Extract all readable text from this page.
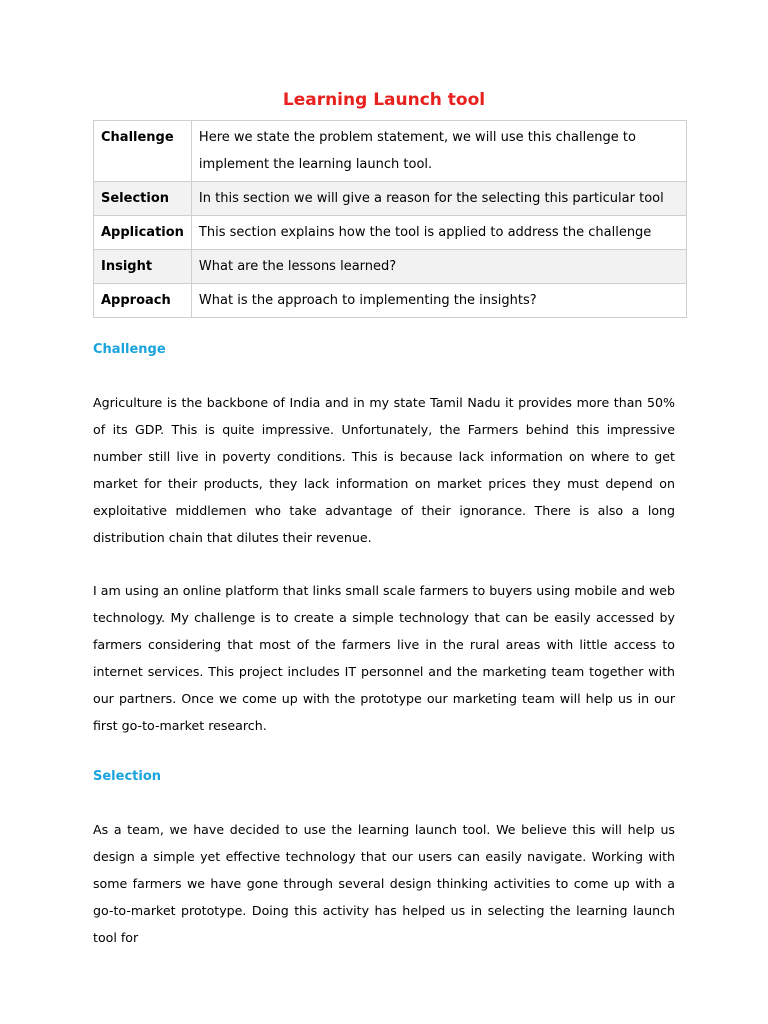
Learning Launch tool
Challenge	Here we state the problem statement, we will use this challenge to implement the learning launch tool.
Selection	In this section we will give a reason for the selecting this particular tool
Application	This section explains how the tool is applied to address the challenge
Insight	What are the lessons learned?
Approach	What is the approach to implementing the insights?
Challenge

Agriculture is the backbone of India and in my state Tamil Nadu it provides more than 50% of its GDP. This is quite impressive. Unfortunately, the Farmers behind this impressive number still live in poverty conditions. This is because lack information on where to get market for their products, they lack information on market prices they must depend on exploitative middlemen who take advantage of their ignorance. There is also a long distribution chain that dilutes their revenue.

I am using an online platform that links small scale farmers to buyers using mobile and web technology. My challenge is to create a simple technology that can be easily accessed by farmers considering that most of the farmers live in the rural areas with little access to internet services. This project includes IT personnel and the marketing team together with our partners. Once we come up with the prototype our marketing team will help us in our first go-to-market research.

Selection

As a team, we have decided to use the learning launch tool. We believe this will help us design a simple yet effective technology that our users can easily navigate. Working with some farmers we have gone through several design thinking activities to come up with a go-to-market prototype. Doing this activity has helped us in selecting the learning launch tool for
